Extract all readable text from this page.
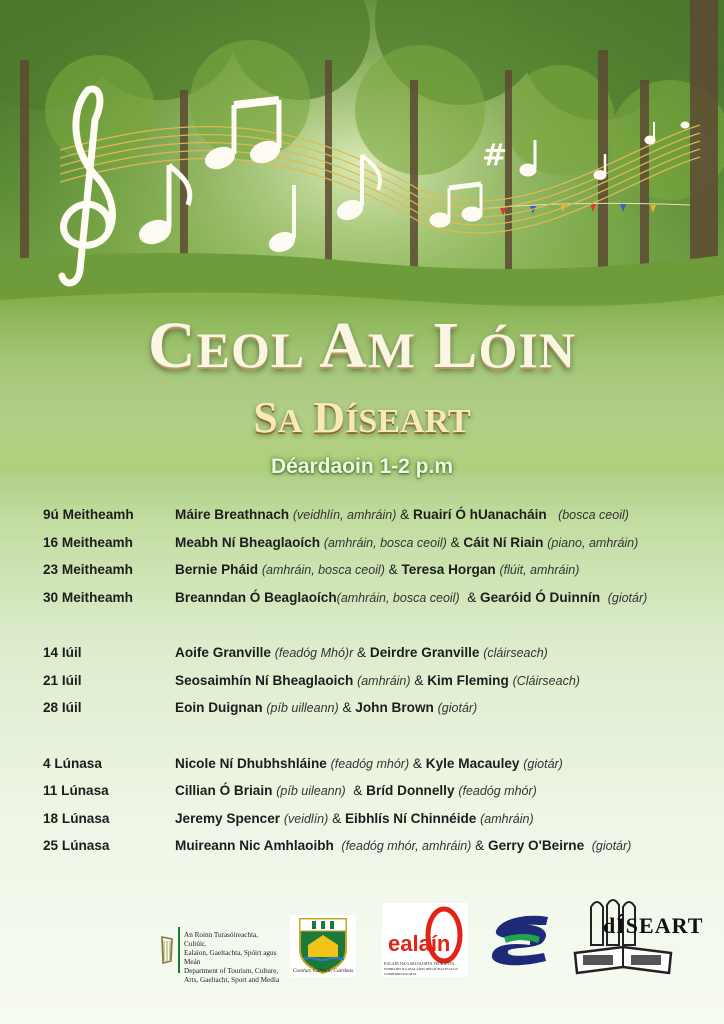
#
CEOL AM LÓIN
SA DÍSEART
Déardaoin 1-2 p.m
9ú Meitheamh	Máire Breathnach (veidhlín, amhráin) & Ruairí Ó hUanacháin (bosca ceoil)
16 Meitheamh	Meabh Ní Bheaglaoích (amhráin, bosca ceoil) & Cáit Ní Riain (piano, amhráin)
23 Meitheamh	Bernie Pháid (amhráin, bosca ceoil) & Teresa Horgan (flúit, amhráin)
30 Meitheamh	Breanndan Ó Beaglaoích(amhráin, bosca ceoil) & Gearóid Ó Duinnín (giotár)
14 Iúil	Aoife Granville (feadóg Mhó)r & Deirdre Granville (cláirseach)
21 Iúil	Seosaimhín Ní Bheaglaoich (amhráin) & Kim Fleming (Cláirseach)
28 Iúil	Eoin Duignan (píb uilleann) & John Brown (giotár)
4 Lúnasa	Nicole Ní Dhubhshláine (feadóg mhór) & Kyle Macauley (giotár)
11 Lúnasa	Cillian Ó Briain (píb uileann) & Bríd Donnelly (feadóg mhór)
18 Lúnasa	Jeremy Spencer (veidlín) & Eibhlís Ní Chinnéide (amhráin)
25 Lúnasa	Muireann Nic Amhlaoibh (feadóg mhór, amhráin) & Gerry O'Beirne (giotár)
An Roinn Turasóireachta, Cultúir,
Ealaíon, Gaeltachta, Spóirt agus Meán
Department of Tourism, Culture,
Arts, Gaeltacht, Sport and Media
Comhar, Cabhair, Cairdeas
ealaín
EALAÍN NA GAELTACHTA TEORANTA
FORBAIRT NA nEALAÍON RÉIGIÚNACH AGUS COMHAIRLEACHTA
dÍSEART
